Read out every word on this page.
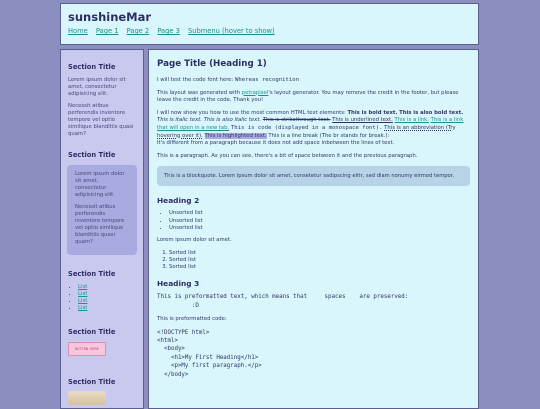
sunshineMar
Home Page 1 Page 2 Page 3 Submenu (hover to show)
Section Title

Lorem ipsum dolor sit amet, consectetur adipisicing elit.

Necessit atibus perferendis inventore tempore vel optio similique blanditiis quasi quam?

Section Title

Lorem ipsum dolor sit amet, consectetur adipisicing elit.

Necessit atibus perferendis inventore tempore vel optio similique blanditiis quasi quam?

Section Title
• List
• List
• List
• List
Section Title
BUTTON HERE
Section Title
Page Title (Heading 1)

I will test the code font here: Whereas recognition

This layout was generated with petrapixel's layout generator. You may remove the credit in the footer, but please leave the credit in the code. Thank you!

I will now show you how to use the most common HTML text elements: This is bold text. This is also bold text. This is italic text. This is also italic text. This is strikethrough text. This is underlined text. This is a link. This is a link that will open in a new tab. This is code (displayed in a monospace font). This is an abbreviation (Try hovering over it). This is highlighted text. This is a line break (The br stands for break.):
It's different from a paragraph because it does not add space inbetween the lines of text.

This is a paragraph. As you can see, there's a bit of space between it and the previous paragraph.

This is a blockquote. Lorem ipsum dolor sit amet, consetetur sadipscing elitr, sed diam nonumy eirmod tempor.
Heading 2
• Unsorted list
• Unsorted list
• Unsorted list

Lorem ipsum dolor sit amet.

1. Sorted list
2. Sorted list
3. Sorted list
Heading 3
This is preformatted text, which means that     spaces    are preserved:
:D

This is preformatted code:

<!DOCTYPE html>
<html>
<body>
<h1>My First Heading</h1>
<p>My first paragraph.</p>
</body>
